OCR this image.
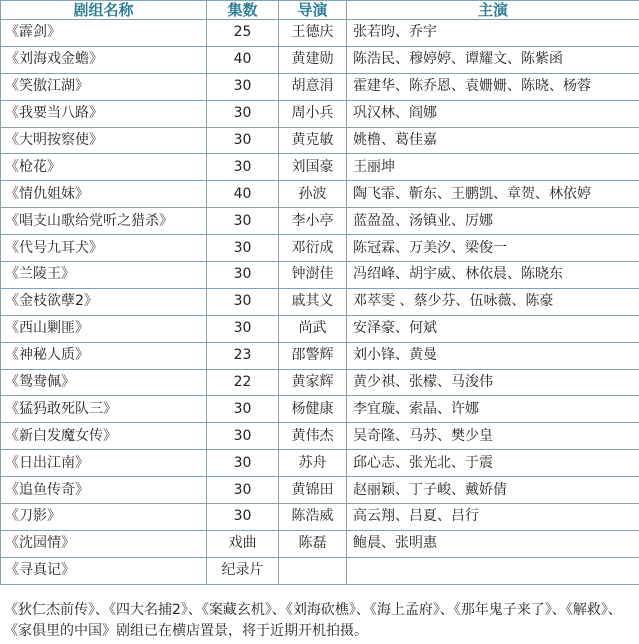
剧组名称	集数	导演	主演
《霹剑》	25	王德庆	张若昀、乔宇
《刘海戏金蟾》	40	黄建勋	陈浩民、穆婷婷、谭耀文、陈紫函
《笑傲江湖》	30	胡意涓	霍建华、陈乔恩、袁姗姗、陈晓、杨蓉
《我要当八路》	30	周小兵	巩汉林、阎娜
《大明按察使》	30	黄克敏	姚橹、葛佳嘉
《枪花》	30	刘国豪	王丽坤
《情仇姐妹》	40	孙波	陶飞霏、靳东、王鹏凯、章贺、林依婷
《唱支山歌给党听之猎杀》	30	李小亭	蓝盈盈、汤镇业、厉娜
《代号九耳犬》	30	邓衍成	陈冠霖、万美汐、梁俊一
《兰陵王》	30	钟澍佳	冯绍峰、胡宇威、林依晨、陈晓东
《金枝欲孽2》	30	戚其义	邓萃雯 、蔡少芬、伍咏薇、陈豪
《西山剿匪》	30	尚武	安泽豪、何斌
《神秘人质》	23	邵警辉	刘小锋、黄曼
《鸳鸯佩》	22	黄家辉	黄少祺、张檬、马浚伟
《猛犸敢死队三》	30	杨健康	李宜璇、索晶、许娜
《新白发魔女传》	30	黄伟杰	吴奇隆、马苏、樊少皇
《日出江南》	30	苏舟	邱心志、张光北、于震
《追鱼传奇》	30	黄锦田	赵丽颖、丁子峻、戴娇倩
《刀影》	30	陈浩威	高云翔、吕夏、吕行
《沈园情》	戏曲	陈磊	鲍晨、张明惠
《寻真记》	纪录片		
《狄仁杰前传》、《四大名捕2》、《案藏玄机》、《刘海砍樵》、《海上孟府》、《那年鬼子来了》、《解救》、《家俱里的中国》剧组已在横店置景，将于近期开机拍摄。
